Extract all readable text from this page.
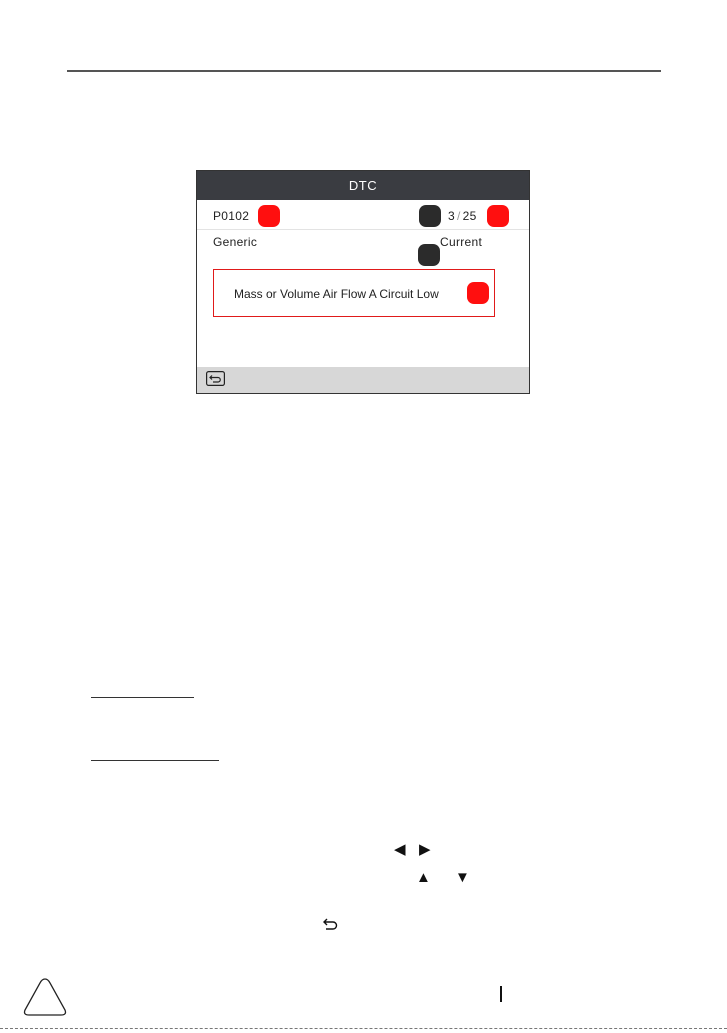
DTC
P0102	3 / 25
Generic	Current
Mass or Volume Air Flow A Circuit Low
◀ ▶
▲ ▼
